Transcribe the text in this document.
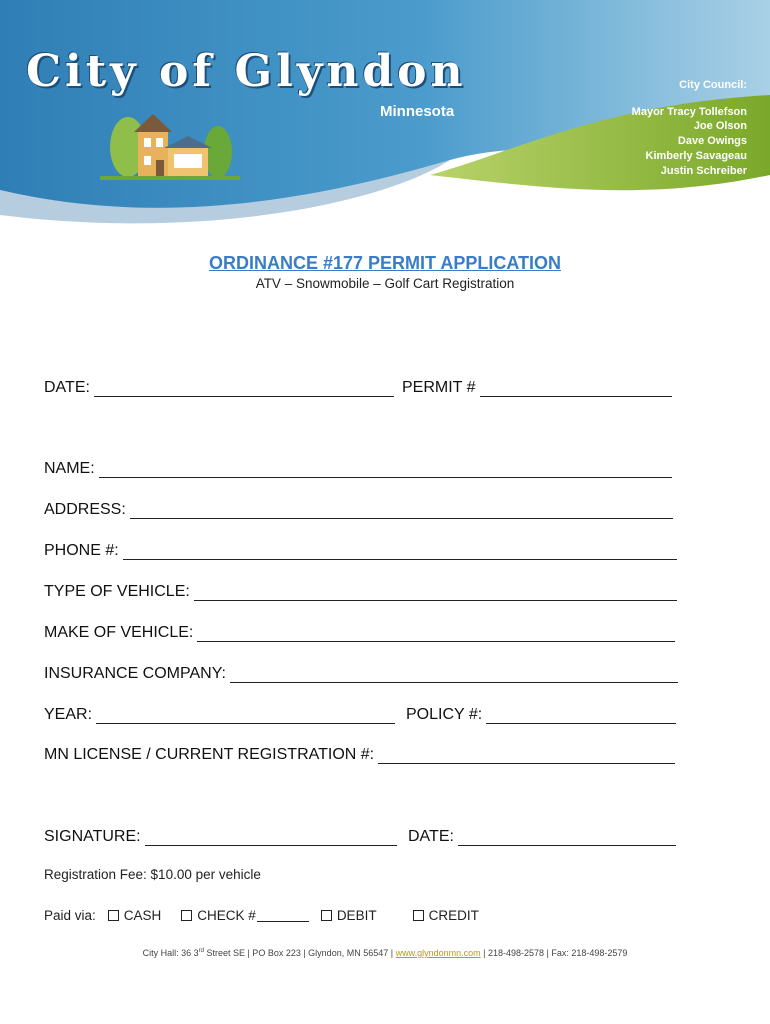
City of Glyndon
Minnesota
City Council:
Mayor Tracy Tollefson
Joe Olson
Dave Owings
Kimberly Savageau
Justin Schreiber
ORDINANCE #177 PERMIT APPLICATION
ATV – Snowmobile – Golf Cart Registration
DATE:	PERMIT #
NAME:
ADDRESS:
PHONE #:
TYPE OF VEHICLE:
MAKE OF VEHICLE:
INSURANCE COMPANY:
YEAR:	POLICY #:
MN LICENSE / CURRENT REGISTRATION #:
SIGNATURE:	DATE:
Registration Fee: $10.00 per vehicle
Paid via: CASH	CHECK #	DEBIT	CREDIT
City Hall: 36 3rd Street SE | PO Box 223 | Glyndon, MN 56547 | www.glyndonmn.com | 218-498-2578 | Fax: 218-498-2579
